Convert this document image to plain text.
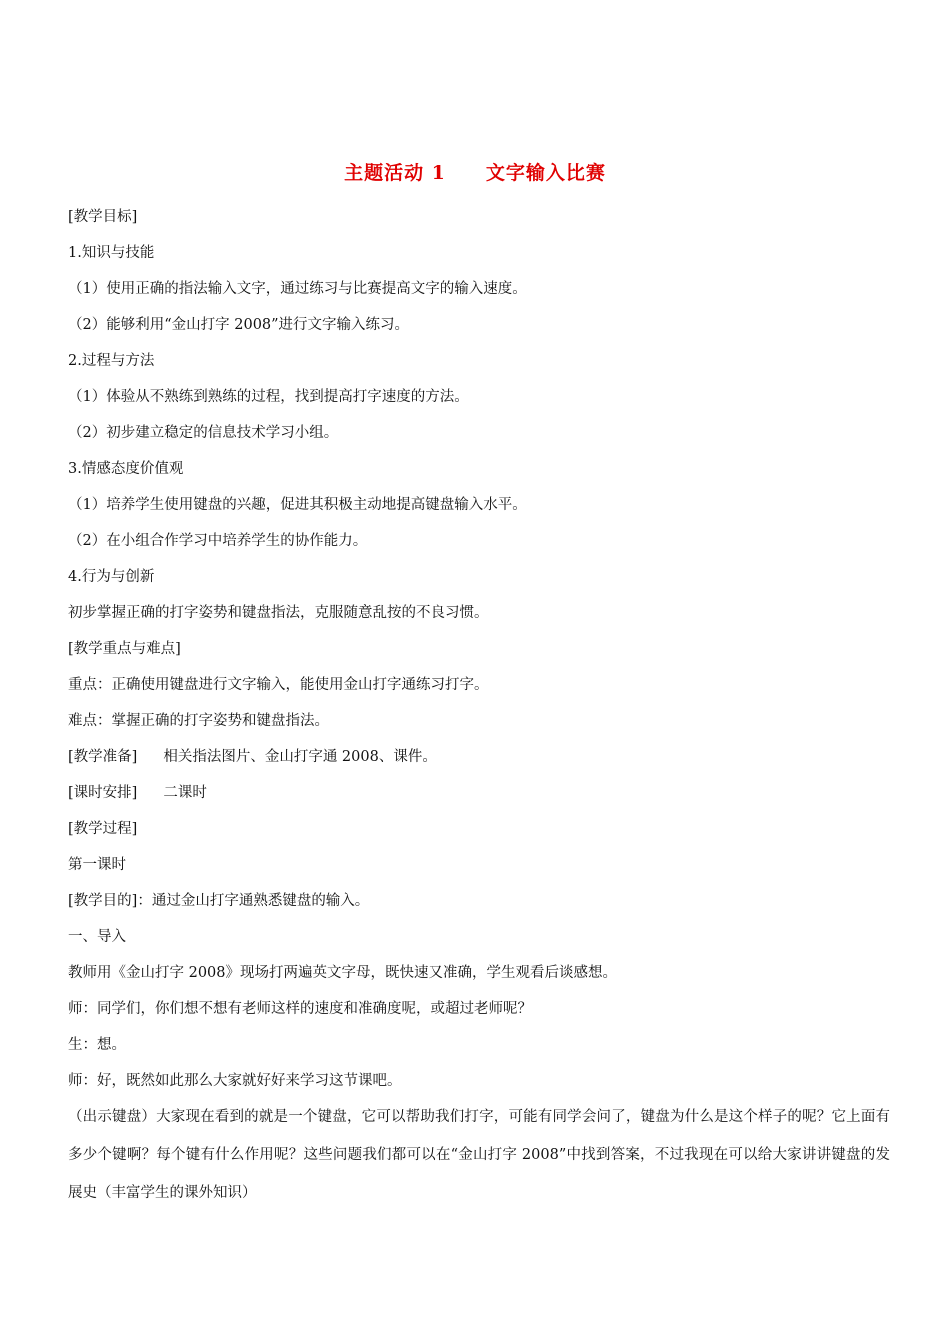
主题活动 1 文字输入比赛
[教学目标]
1.知识与技能
（1）使用正确的指法输入文字，通过练习与比赛提高文字的输入速度。
（2）能够利用“金山打字 2008”进行文字输入练习。
2.过程与方法
（1）体验从不熟练到熟练的过程，找到提高打字速度的方法。
（2）初步建立稳定的信息技术学习小组。
3.情感态度价值观
（1）培养学生使用键盘的兴趣，促进其积极主动地提高键盘输入水平。
（2）在小组合作学习中培养学生的协作能力。
4.行为与创新
初步掌握正确的打字姿势和键盘指法，克服随意乱按的不良习惯。
[教学重点与难点]
重点：正确使用键盘进行文字输入，能使用金山打字通练习打字。
难点：掌握正确的打字姿势和键盘指法。
[教学准备] 相关指法图片、金山打字通 2008、课件。
[课时安排] 二课时
[教学过程]
第一课时
[教学目的]：通过金山打字通熟悉键盘的输入。
一、导入
教师用《金山打字 2008》现场打两遍英文字母，既快速又准确，学生观看后谈感想。
师：同学们，你们想不想有老师这样的速度和准确度呢，或超过老师呢？
生：想。
师：好，既然如此那么大家就好好来学习这节课吧。
（出示键盘）大家现在看到的就是一个键盘，它可以帮助我们打字，可能有同学会问了，键盘为什么是这个样子的呢？它上面有多少个键啊？每个键有什么作用呢？这些问题我们都可以在“金山打字 2008”中找到答案，不过我现在可以给大家讲讲键盘的发展史（丰富学生的课外知识）
